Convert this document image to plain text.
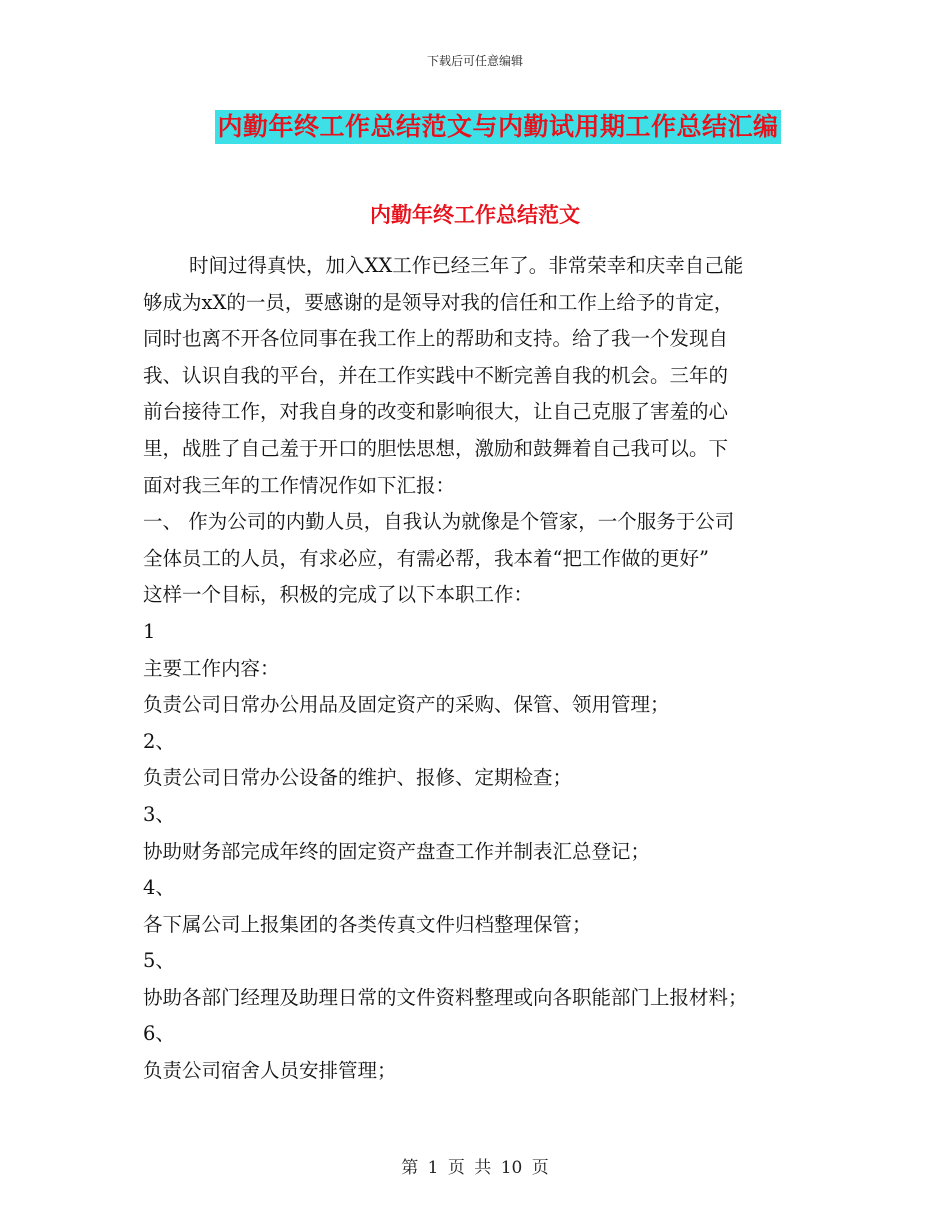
下载后可任意编辑
内勤年终工作总结范文与内勤试用期工作总结汇编
内勤年终工作总结范文
时间过得真快，加入XX工作已经三年了。非常荣幸和庆幸自己能
够成为xX的一员，要感谢的是领导对我的信任和工作上给予的肯定，
同时也离不开各位同事在我工作上的帮助和支持。给了我一个发现自
我、认识自我的平台，并在工作实践中不断完善自我的机会。三年的
前台接待工作，对我自身的改变和影响很大，让自己克服了害羞的心
里，战胜了自己羞于开口的胆怯思想，激励和鼓舞着自己我可以。下
面对我三年的工作情况作如下汇报：
一、 作为公司的内勤人员，自我认为就像是个管家，一个服务于公司
全体员工的人员，有求必应，有需必帮，我本着“把工作做的更好”
这样一个目标，积极的完成了以下本职工作：
1
主要工作内容：
负责公司日常办公用品及固定资产的采购、保管、领用管理；
2、
负责公司日常办公设备的维护、报修、定期检查；
3、
协助财务部完成年终的固定资产盘查工作并制表汇总登记；
4、
各下属公司上报集团的各类传真文件归档整理保管；
5、
协助各部门经理及助理日常的文件资料整理或向各职能部门上报材料；
6、
负责公司宿舍人员安排管理；
第 1 页 共 10 页
